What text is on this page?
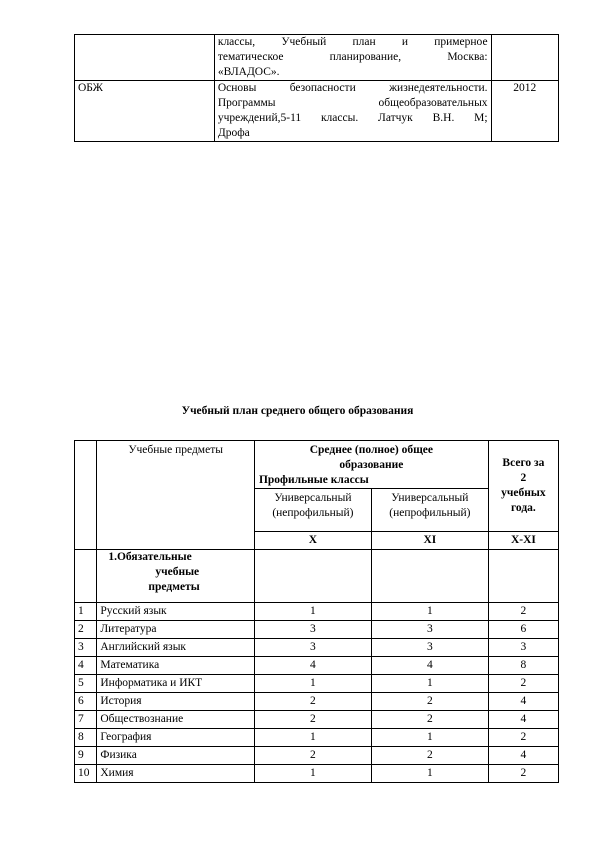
	классы, Учебный план и примерное
тематическое планирование, Москва:
«ВЛАДОС».	

ОБЖ	Основы безопасности жизнедеятельности.
Программы общеобразовательных
учреждений,5-11 классы. Латчук В.Н. М;
Дрофа	2012
Учебный план среднего общего образования
	Учебные предметы	Среднее (полное) общее
образование
Профильные классы		Всего за
2
учебных
года.

		Универсальный
(непрофильный)	Универсальный
(непрофильный)	

		X	XI	X-XI

	1.Обязательные
учебные
предметы			

1	Русский язык	1	1	2
2	Литература	3	3	6
3	Английский язык	3	3	3
4	Математика	4	4	8
5	Информатика и ИКТ	1	1	2
6	История	2	2	4
7	Обществознание	2	2	4
8	География	1	1	2
9	Физика	2	2	4
10	Химия	1	1	2
